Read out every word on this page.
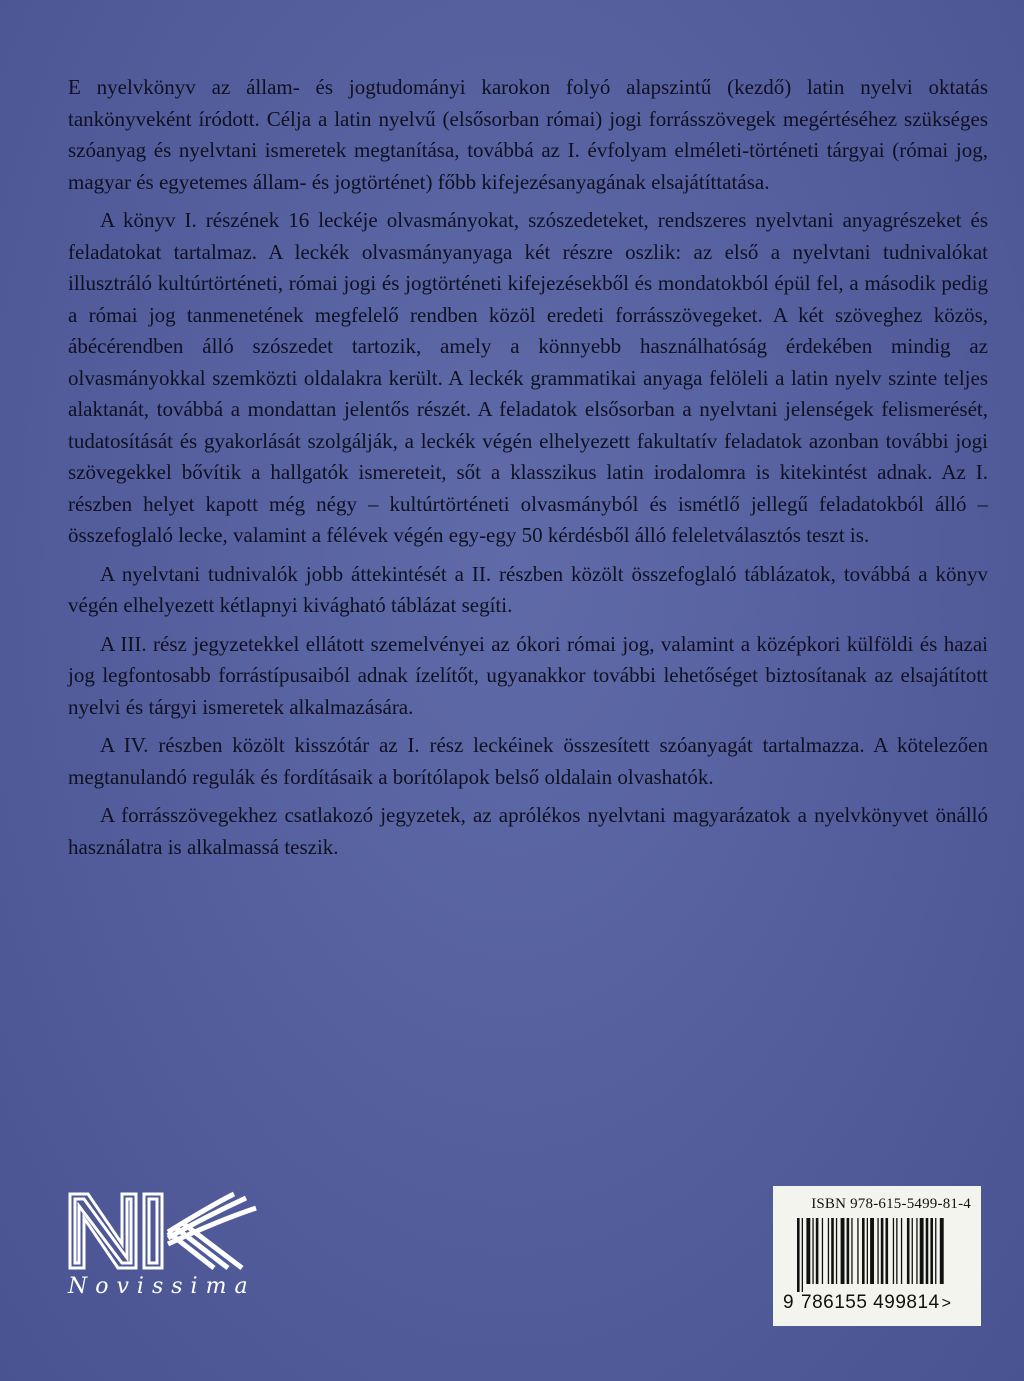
E nyelvkönyv az állam- és jogtudományi karokon folyó alapszintű (kezdő) latin nyelvi oktatás tankönyveként íródott. Célja a latin nyelvű (elsősorban római) jogi forrásszövegek megértéséhez szükséges szóanyag és nyelvtani ismeretek megtanítása, továbbá az I. évfolyam elméleti-történeti tárgyai (római jog, magyar és egyetemes állam- és jogtörténet) főbb kifejezésanyagának elsajátíttatása.

A könyv I. részének 16 leckéje olvasmányokat, szószedeteket, rendszeres nyelvtani anyagrészeket és feladatokat tartalmaz. A leckék olvasmányanyaga két részre oszlik: az első a nyelvtani tudnivalókat illusztráló kultúrtörténeti, római jogi és jogtörténeti kifejezésekből és mondatokból épül fel, a második pedig a római jog tanmenetének megfelelő rendben közöl eredeti forrásszövegeket. A két szöveghez közös, ábécérendben álló szószedet tartozik, amely a könnyebb használhatóság érdekében mindig az olvasmányokkal szemközti oldalakra került. A leckék grammatikai anyaga felöleli a latin nyelv szinte teljes alaktanát, továbbá a mondattan jelentős részét. A feladatok elsősorban a nyelvtani jelenségek felismerését, tudatosítását és gyakorlását szolgálják, a leckék végén elhelyezett fakultatív feladatok azonban további jogi szövegekkel bővítik a hallgatók ismereteit, sőt a klasszikus latin irodalomra is kitekintést adnak. Az I. részben helyet kapott még négy – kultúrtörténeti olvasmányból és ismétlő jellegű feladatokból álló – összefoglaló lecke, valamint a félévek végén egy-egy 50 kérdésből álló feleletválasztós teszt is.

A nyelvtani tudnivalók jobb áttekintését a II. részben közölt összefoglaló táblázatok, továbbá a könyv végén elhelyezett kétlapnyi kivágható táblázat segíti.

A III. rész jegyzetekkel ellátott szemelvényei az ókori római jog, valamint a középkori külföldi és hazai jog legfontosabb forrástípusaiból adnak ízelítőt, ugyanakkor további lehetőséget biztosítanak az elsajátított nyelvi és tárgyi ismeretek alkalmazására.

A IV. részben közölt kisszótár az I. rész leckéinek összesített szóanyagát tartalmazza. A kötelezően megtanulandó regulák és fordításaik a borítólapok belső oldalain olvashatók.

A forrásszövegekhez csatlakozó jegyzetek, az aprólékos nyelvtani magyarázatok a nyelvkönyvet önálló használatra is alkalmassá teszik.

Novissima
ISBN 978-615-5499-81-4
9 786155 499814 >
